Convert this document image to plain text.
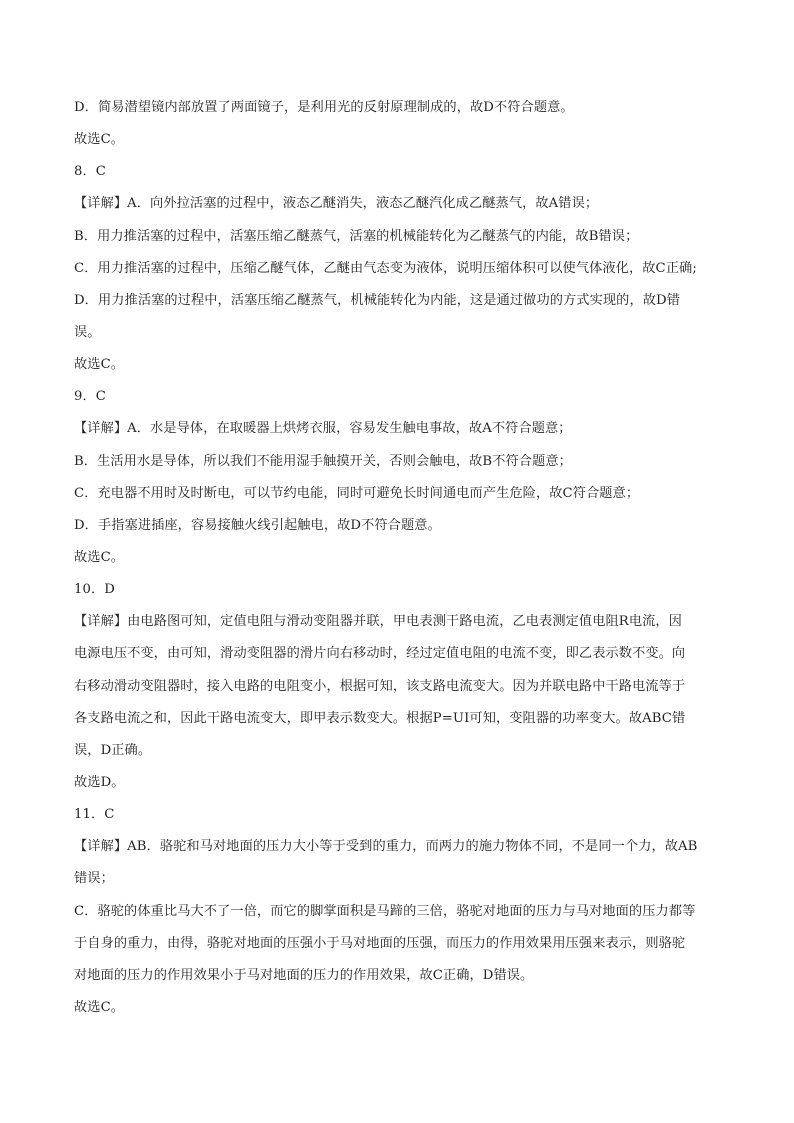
D．简易潜望镜内部放置了两面镜子，是利用光的反射原理制成的，故D不符合题意。
故选C。
8．C
【详解】A．向外拉活塞的过程中，液态乙醚消失，液态乙醚汽化成乙醚蒸气，故A错误；
B．用力推活塞的过程中，活塞压缩乙醚蒸气，活塞的机械能转化为乙醚蒸气的内能，故B错误；
C．用力推活塞的过程中，压缩乙醚气体，乙醚由气态变为液体，说明压缩体积可以使气体液化，故C正确;
D．用力推活塞的过程中，活塞压缩乙醚蒸气，机械能转化为内能，这是通过做功的方式实现的，故D错
误。
故选C。
9．C
【详解】A．水是导体，在取暖器上烘烤衣服，容易发生触电事故，故A不符合题意；
B．生活用水是导体，所以我们不能用湿手触摸开关，否则会触电，故B不符合题意；
C．充电器不用时及时断电，可以节约电能，同时可避免长时间通电而产生危险，故C符合题意；
D．手指塞进插座，容易接触火线引起触电，故D不符合题意。
故选C。
10．D
【详解】由电路图可知，定值电阻与滑动变阻器并联，甲电表测干路电流，乙电表测定值电阻R电流，因
电源电压不变，由可知，滑动变阻器的滑片向右移动时，经过定值电阻的电流不变，即乙表示数不变。向
右移动滑动变阻器时，接入电路的电阻变小，根据可知，该支路电流变大。因为并联电路中干路电流等于
各支路电流之和，因此干路电流变大，即甲表示数变大。根据P=UI可知，变阻器的功率变大。故ABC错
误，D正确。
故选D。
11．C
【详解】AB．骆驼和马对地面的压力大小等于受到的重力，而两力的施力物体不同，不是同一个力，故AB
错误；
C．骆驼的体重比马大不了一倍，而它的脚掌面积是马蹄的三倍，骆驼对地面的压力与马对地面的压力都等
于自身的重力，由得，骆驼对地面的压强小于马对地面的压强，而压力的作用效果用压强来表示，则骆驼
对地面的压力的作用效果小于马对地面的压力的作用效果，故C正确，D错误。
故选C。
